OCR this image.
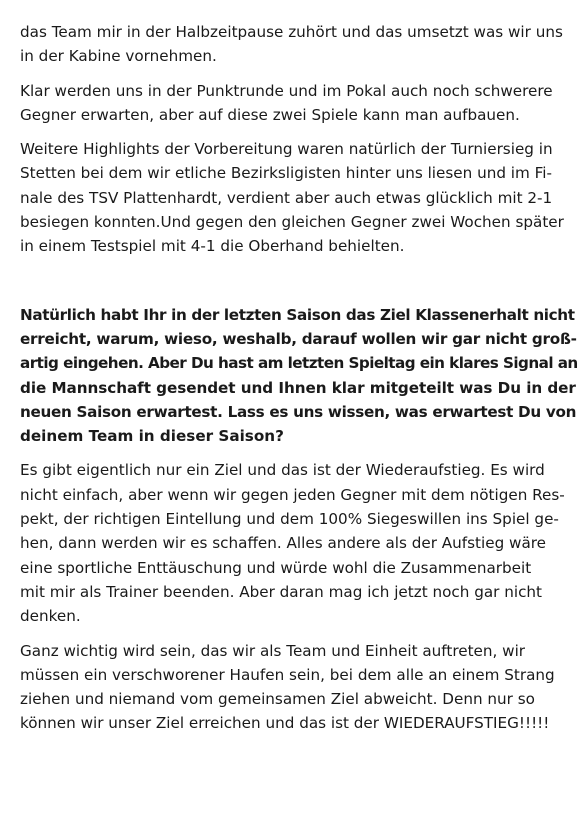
das Team mir in der Halbzeitpause zuhört und das umsetzt was wir uns
in der Kabine vornehmen.

Klar werden uns in der Punktrunde und im Pokal auch noch schwerere
Gegner erwarten, aber auf diese zwei Spiele kann man aufbauen.

Weitere Highlights der Vorbereitung waren natürlich der Turniersieg in
Stetten bei dem wir etliche Bezirksligisten hinter uns liesen und im Fi-
nale des TSV Plattenhardt, verdient aber auch etwas glücklich mit 2-1
besiegen konnten.Und gegen den gleichen Gegner zwei Wochen später
in einem Testspiel mit 4-1 die Oberhand behielten.

Natürlich habt Ihr in der letzten Saison das Ziel Klassenerhalt nicht
erreicht, warum, wieso, weshalb, darauf wollen wir gar nicht groß-
artig eingehen. Aber Du hast am letzten Spieltag ein klares Signal an
die Mannschaft gesendet und Ihnen klar mitgeteilt was Du in der
neuen Saison erwartest. Lass es uns wissen, was erwartest Du von
deinem Team in dieser Saison?

Es gibt eigentlich nur ein Ziel und das ist der Wiederaufstieg. Es wird
nicht einfach, aber wenn wir gegen jeden Gegner mit dem nötigen Res-
pekt, der richtigen Eintellung und dem 100% Siegeswillen ins Spiel ge-
hen, dann werden wir es schaffen. Alles andere als der Aufstieg wäre
eine sportliche Enttäuschung und würde wohl die Zusammenarbeit
mit mir als Trainer beenden. Aber daran mag ich jetzt noch gar nicht
denken.

Ganz wichtig wird sein, das wir als Team und Einheit auftreten, wir
müssen ein verschworener Haufen sein, bei dem alle an einem Strang
ziehen und niemand vom gemeinsamen Ziel abweicht. Denn nur so
können wir unser Ziel erreichen und das ist der WIEDERAUFSTIEG!!!!!
